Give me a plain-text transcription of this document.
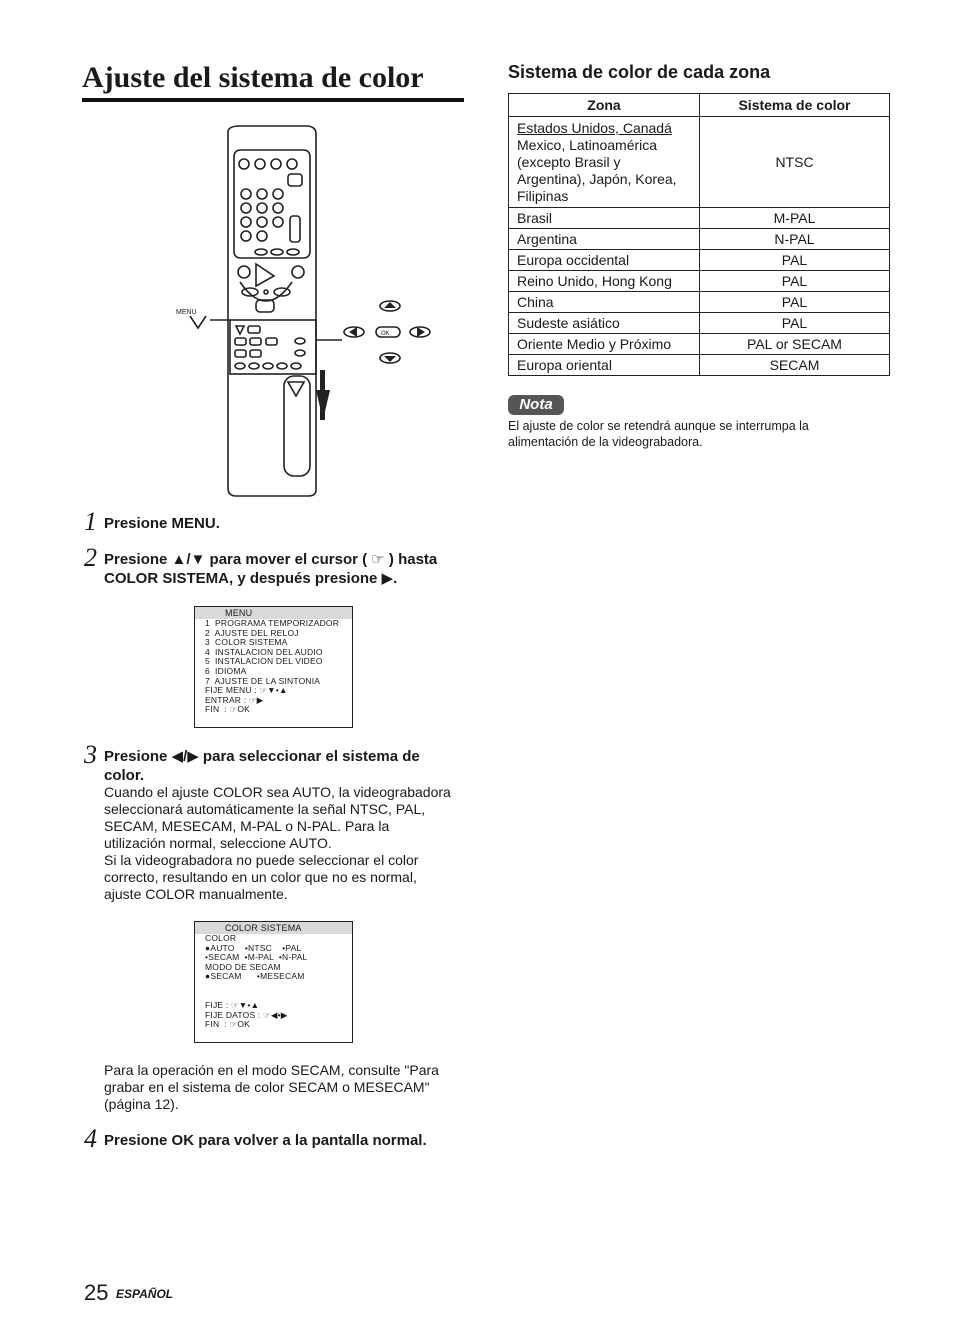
Ajuste del sistema de color
MENU
OK
Sistema de color de cada zona
Zona	Sistema de color

Estados Unidos, Canadá
Mexico, Latinoamérica
(excepto Brasil y
Argentina), Japón, Korea,
Filipinas	NTSC
Brasil	M-PAL
Argentina	N-PAL
Europa occidental	PAL
Reino Unido, Hong Kong	PAL
China	PAL
Sudeste asiático	PAL
Oriente Medio y Próximo	PAL or SECAM
Europa oriental	SECAM
Nota
El ajuste de color se retendrá aunque se interrumpa la alimentación de la videograbadora.
1 Presione MENU.
2 Presione ▲/▼ para mover el cursor ( ☞ ) hasta
COLOR SISTEMA, y después presione ▶.
MENU
1  PROGRAMA TEMPORIZADOR
2  AJUSTE DEL RELOJ
3  COLOR SISTEMA
4  INSTALACION DEL AUDIO
5  INSTALACION DEL VIDEO
6  IDIOMA
7  AJUSTE DE LA SINTONIA
FIJE MENU : ☞▼•▲
ENTRAR : ☞▶
FIN  : ☞OK
3 Presione ◀/▶ para seleccionar el sistema de
color.
Cuando el ajuste COLOR sea AUTO, la videograbadora
seleccionará automáticamente la señal NTSC, PAL,
SECAM, MESECAM, M-PAL o N-PAL. Para la
utilización normal, seleccione AUTO.
Si la videograbadora no puede seleccionar el color
correcto, resultando en un color que no es normal,
ajuste COLOR manualmente.
COLOR SISTEMA
COLOR
●AUTO    •NTSC    •PAL
•SECAM  •M-PAL  •N-PAL
MODO DE SECAM
●SECAM      •MESECAM
FIJE : ☞▼•▲
FIJE DATOS : ☞◀•▶
FIN  : ☞OK
Para la operación en el modo SECAM, consulte "Para
grabar en el sistema de color SECAM o MESECAM"
(página 12).
4 Presione OK para volver a la pantalla normal.
25 ESPAÑOL
